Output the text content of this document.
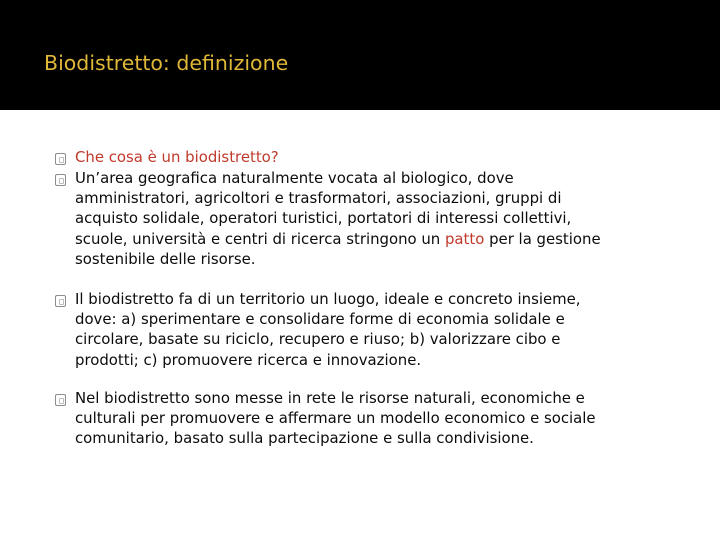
Biodistretto: definizione
Che cosa è un biodistretto?
Un’area geografica naturalmente vocata al biologico, dove
amministratori, agricoltori e trasformatori, associazioni, gruppi di
acquisto solidale, operatori turistici, portatori di interessi collettivi,
scuole, università e centri di ricerca stringono un patto per la gestione
sostenibile delle risorse.
Il biodistretto fa di un territorio un luogo, ideale e concreto insieme,
dove: a) sperimentare e consolidare forme di economia solidale e
circolare, basate su riciclo, recupero e riuso; b) valorizzare cibo e
prodotti; c) promuovere ricerca e innovazione.
Nel biodistretto sono messe in rete le risorse naturali, economiche e
culturali per promuovere e affermare un modello economico e sociale
comunitario, basato sulla partecipazione e sulla condivisione.
